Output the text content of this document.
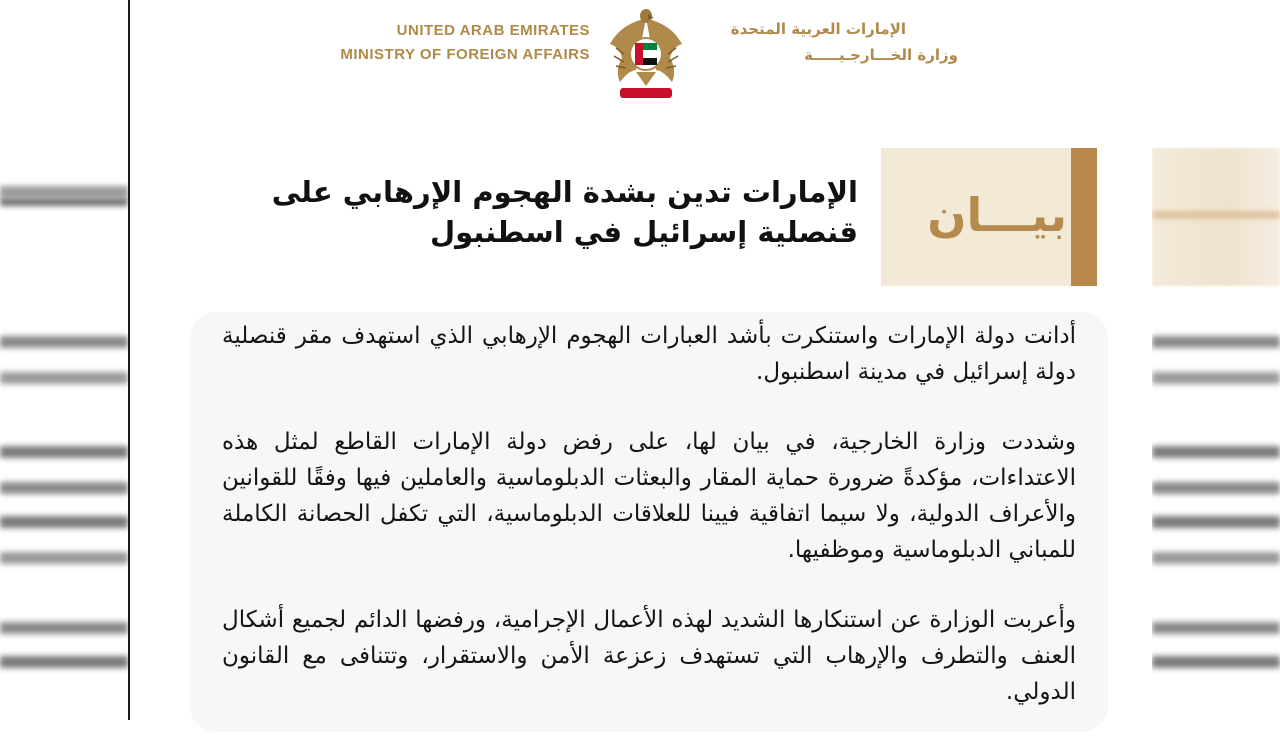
UNITED ARAB EMIRATES
MINISTRY OF FOREIGN AFFAIRS
الإمارات العربية المتحدة
وزارة الخـــارجـيـــــة
بيـــان
الإمارات تدين بشدة الهجوم الإرهابي على قنصلية إسرائيل في اسطنبول

أدانت دولة الإمارات واستنكرت بأشد العبارات الهجوم الإرهابي الذي استهدف مقر قنصلية دولة إسرائيل في مدينة اسطنبول.

وشددت وزارة الخارجية، في بيان لها، على رفض دولة الإمارات القاطع لمثل هذه الاعتداءات، مؤكدةً ضرورة حماية المقار والبعثات الدبلوماسية والعاملين فيها وفقًا للقوانين والأعراف الدولية، ولا سيما اتفاقية فيينا للعلاقات الدبلوماسية، التي تكفل الحصانة الكاملة للمباني الدبلوماسية وموظفيها.

وأعربت الوزارة عن استنكارها الشديد لهذه الأعمال الإجرامية، ورفضها الدائم لجميع أشكال العنف والتطرف والإرهاب التي تستهدف زعزعة الأمن والاستقرار، وتتنافى مع القانون الدولي.
